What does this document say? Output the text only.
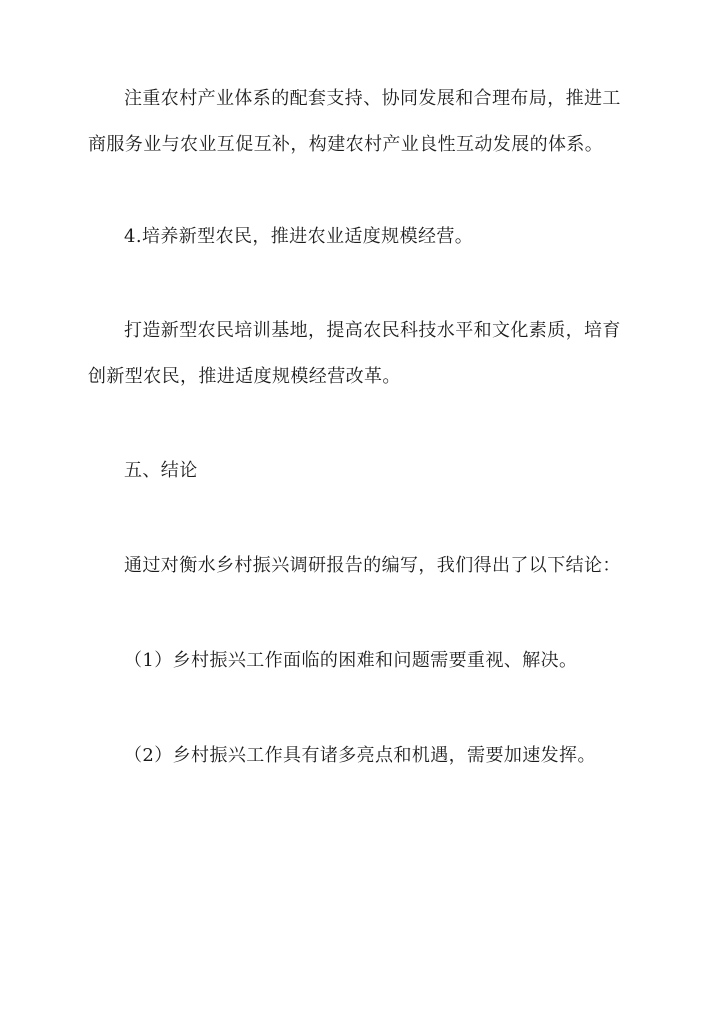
注重农村产业体系的配套支持、协同发展和合理布局，推进工商服务业与农业互促互补，构建农村产业良性互动发展的体系。

4.培养新型农民，推进农业适度规模经营。

打造新型农民培训基地，提高农民科技水平和文化素质，培育创新型农民，推进适度规模经营改革。

五、结论

通过对衡水乡村振兴调研报告的编写，我们得出了以下结论：

（1）乡村振兴工作面临的困难和问题需要重视、解决。

（2）乡村振兴工作具有诸多亮点和机遇，需要加速发挥。
